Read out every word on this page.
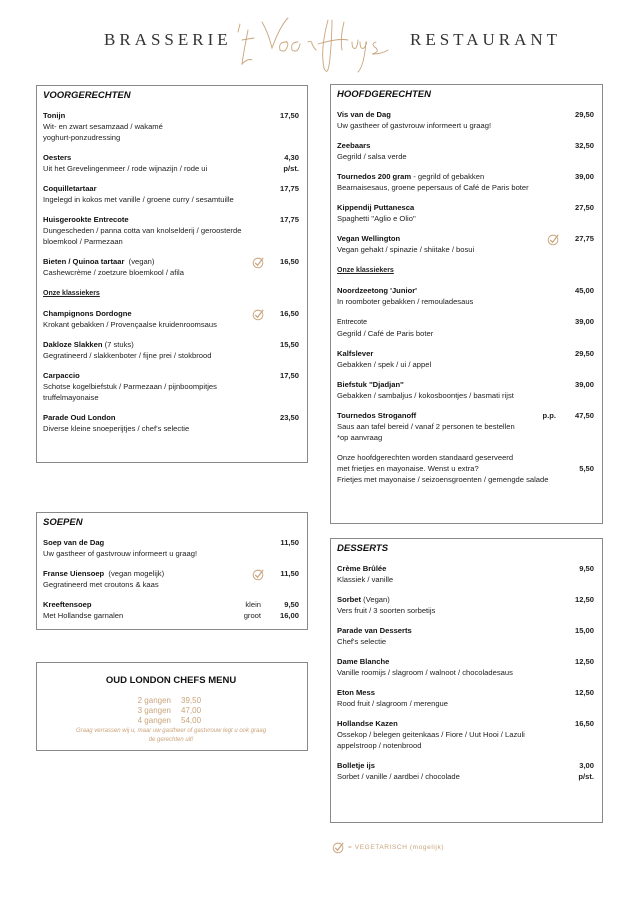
BRASSERIE	RESTAURANT
VOORGERECHTEN
Tonijn
Wit- en zwart sesamzaad / wakamé
yoghurt-ponzudressing
17,50
Oesters
Uit het Grevelingenmeer / rode wijnazijn / rode ui
4,30
p/st.
Coquilletartaar
Ingelegd in kokos met vanille / groene curry / sesamtuille
17,75
Huisgerookte Entrecote
Dungescheden / panna cotta van knolselderij / geroosterde
bloemkool / Parmezaan
17,75
Bieten / Quinoa tartaar  (vegan)
Cashewcrème / zoetzure bloemkool / afila
16,50
Onze klassiekers
Champignons Dordogne
Krokant gebakken / Provençaalse kruidenroomsaus
16,50
Dakloze Slakken (7 stuks)
Gegratineerd / slakkenboter / fijne prei / stokbrood
15,50
Carpaccio
Schotse kogelbiefstuk / Parmezaan / pijnboompitjes
truffelmayonaise
17,50
Parade Oud London
Diverse kleine snoeperijtjes / chef's selectie
23,50
SOEPEN
Soep van de Dag
Uw gastheer of gastvrouw informeert u graag!
11,50
Franse Uiensoep  (vegan mogelijk)
Gegratineerd met croutons & kaas
11,50
Kreeftensoep
Met Hollandse garnalen
klein
groot
9,50
16,00
OUD LONDON CHEFS MENU
2 gangen 39,50
3 gangen 47,00
4 gangen 54,00
Graag verrassen wij u, maar uw gastheer of gastvrouw legt u ook graag de gerechten uit!
HOOFDGERECHTEN
Vis van de Dag
Uw gastheer of gastvrouw informeert u graag!
29,50
Zeebaars
Gegrild / salsa verde
32,50
Tournedos 200 gram - gegrild of gebakken
Bearnaisesaus, groene pepersaus of Café de Paris boter
39,00
Kippendij Puttanesca
Spaghetti ''Aglio e Olio''
27,50
Vegan Wellington
Vegan gehakt / spinazie / shiitake / bosui
27,75
Onze klassiekers
Noordzeetong 'Junior'
In roomboter gebakken / remouladesaus
45,00
Entrecote
Gegrild / Café de Paris boter
39,00
Kalfslever
Gebakken / spek / ui / appel
29,50
Biefstuk ''Djadjan''
Gebakken / sambaljus / kokosboontjes / basmati rijst
39,00
Tournedos Stroganoff
Saus aan tafel bereid / vanaf 2 personen te bestellen
*op aanvraag
p.p.	47,50
Onze hoofdgerechten worden standaard geserveerd
met frietjes en mayonaise. Wenst u extra?
Frietjes met mayonaise / seizoensgroenten / gemengde salade
5,50
DESSERTS
Crème Brûlée
Klassiek / vanille
9,50
Sorbet (Vegan)
Vers fruit / 3 soorten sorbetijs
12,50
Parade van Desserts
Chef's selectie
15,00
Dame Blanche
Vanille roomijs / slagroom / walnoot / chocoladesaus
12,50
Eton Mess
Rood fruit / slagroom / merengue
12,50
Hollandse Kazen
Ossekop / belegen geitenkaas / Fiore / Uut Hooi / Lazuli
appelstroop / notenbrood
16,50
Bolletje ijs
Sorbet / vanille / aardbei / chocolade
3,00
p/st.
= VEGETARISCH (mogelijk)
